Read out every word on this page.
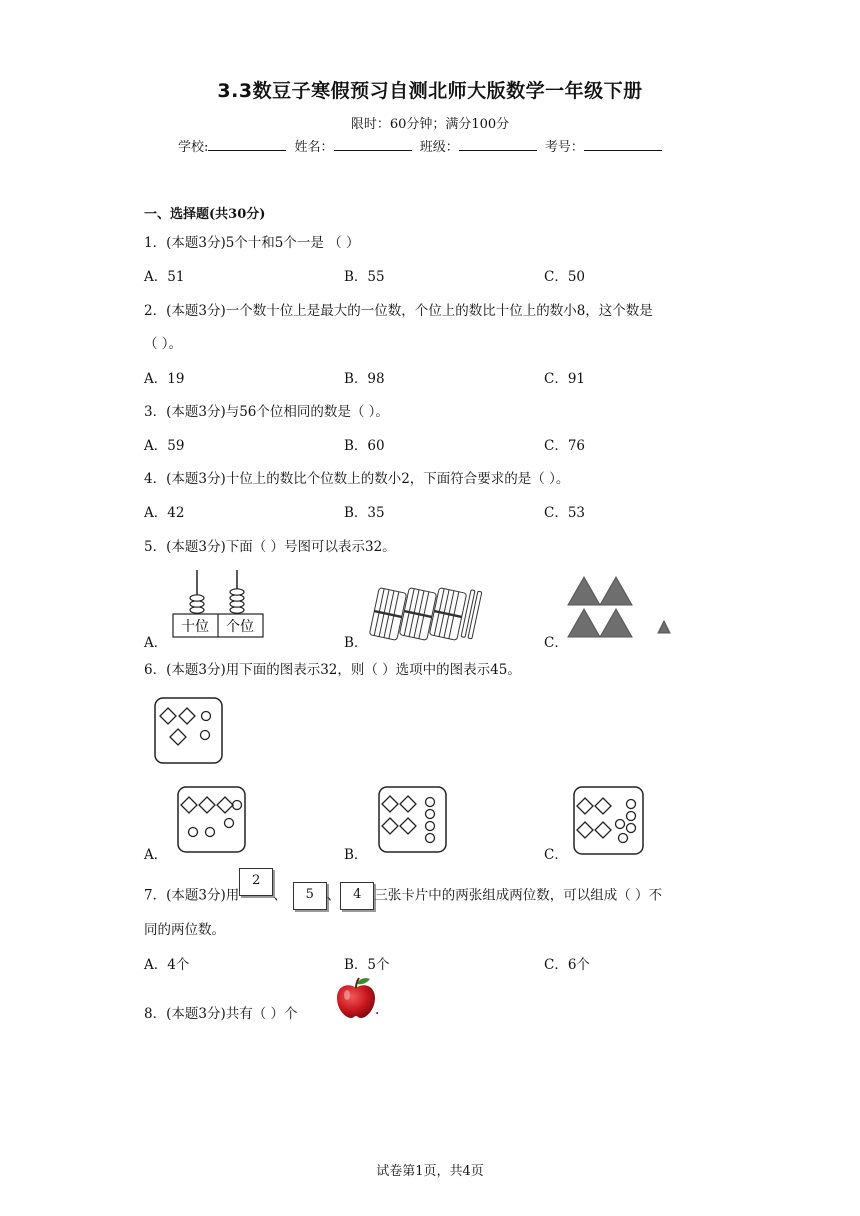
3.3数豆子寒假预习自测北师大版数学一年级下册
限时：60分钟；满分100分
学校:	姓名：	班级：	考号：
一、选择题(共30分)
1．(本题3分)5个十和5个一是 （ ）
A．51	B．55	C．50
2．(本题3分)一个数十位上是最大的一位数，个位上的数比十位上的数小8，这个数是
（ ）。
A．19	B．98	C．91
3．(本题3分)与56个位相同的数是（ ）。
A．59	B．60	C．76
4．(本题3分)十位上的数比个位数上的数小2，下面符合要求的是（ ）。
A．42	B．35	C．53
5．(本题3分)下面（ ）号图可以表示32。
A．
十位 个位
B．	C．
6．(本题3分)用下面的图表示32，则（ ）选项中的图表示45。
A．	B．	C．
7．(本题3分)用2、 5 、 4 三张卡片中的两张组成两位数，可以组成（ ）不
同的两位数。
A．4个	B．5个	C．6个
8．(本题3分)共有（ ）个	.
试卷第1页，共4页
